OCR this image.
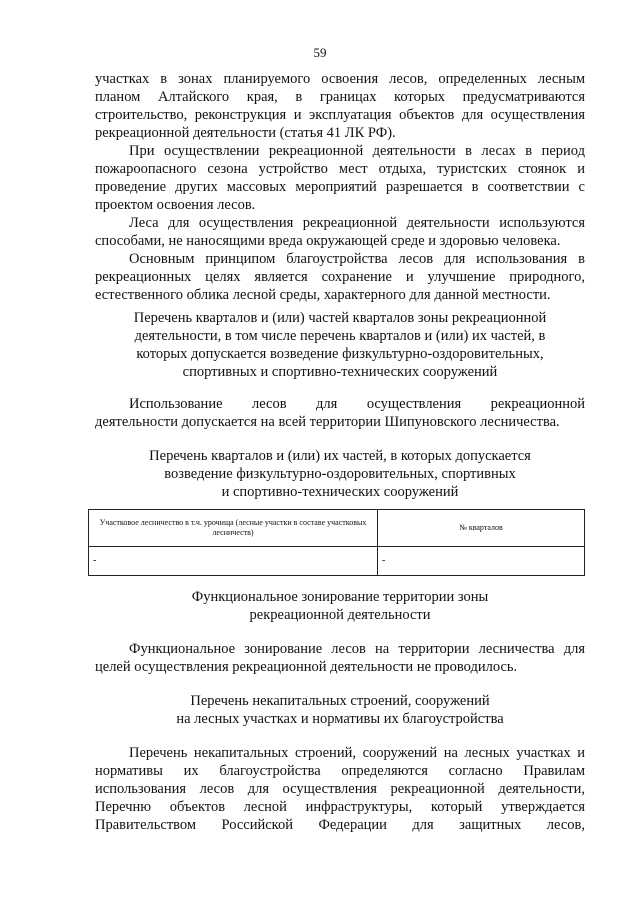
59
участках в зонах планируемого освоения лесов, определенных лесным
планом Алтайского края, в границах которых предусматриваются
строительство, реконструкция и эксплуатация объектов для осуществления
рекреационной деятельности (статья 41 ЛК РФ).
При осуществлении рекреационной деятельности в лесах в период
пожароопасного сезона устройство мест отдыха, туристских стоянок и
проведение других массовых мероприятий разрешается в соответствии с
проектом освоения лесов.
Леса для осуществления рекреационной деятельности используются
способами, не наносящими вреда окружающей среде и здоровью человека.
Основным принципом благоустройства лесов для использования в
рекреационных целях является сохранение и улучшение природного,
естественного облика лесной среды, характерного для данной местности.

Перечень кварталов и (или) частей кварталов зоны рекреационной

деятельности, в том числе перечень кварталов и (или) их частей, в

которых допускается возведение физкультурно-оздоровительных,

спортивных и спортивно-технических сооружений

Использование лесов для осуществления рекреационной
деятельности допускается на всей территории Шипуновского лесничества.

Перечень кварталов и (или) их частей, в которых допускается

возведение физкультурно-оздоровительных, спортивных

и спортивно-технических сооружений

Участковое лесничество в т.ч. урочища (лесные участки в составе участковых лесничеств)	№ кварталов
-	-

Функциональное зонирование территории зоны

рекреационной деятельности

Функциональное зонирование лесов на территории лесничества для
целей осуществления рекреационной деятельности не проводилось.

Перечень некапитальных строений, сооружений

на лесных участках и нормативы их благоустройства

Перечень некапитальных строений, сооружений на лесных участках и
нормативы их благоустройства определяются согласно Правилам
использования лесов для осуществления рекреационной деятельности,
Перечню объектов лесной инфраструктуры, который утверждается
Правительством Российской Федерации для защитных лесов,
